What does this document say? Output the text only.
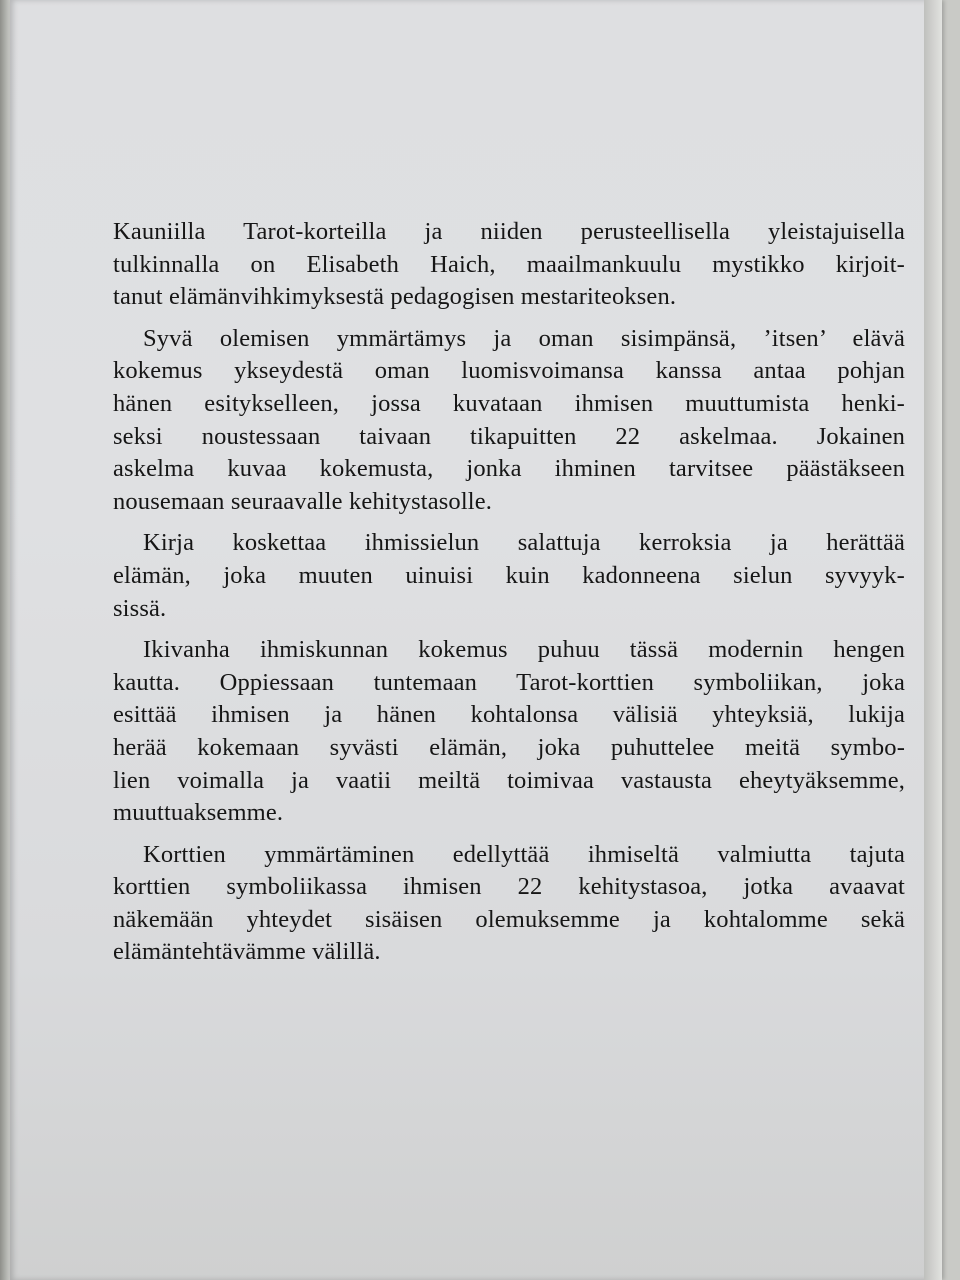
Kauniilla Tarot-korteilla ja niiden perusteellisella yleistajuisella
tulkinnalla on Elisabeth Haich, maailmankuulu mystikko kirjoit-
tanut elämänvihkimyksestä pedagogisen mestariteoksen.
Syvä olemisen ymmärtämys ja oman sisimpänsä, ’itsen’ elävä
kokemus ykseydestä oman luomisvoimansa kanssa antaa pohjan
hänen esitykselleen, jossa kuvataan ihmisen muuttumista henki-
seksi noustessaan taivaan tikapuitten 22 askelmaa. Jokainen
askelma kuvaa kokemusta, jonka ihminen tarvitsee päästäkseen
nousemaan seuraavalle kehitystasolle.
Kirja koskettaa ihmissielun salattuja kerroksia ja herättää
elämän, joka muuten uinuisi kuin kadonneena sielun syvyyk-
sissä.
Ikivanha ihmiskunnan kokemus puhuu tässä modernin hengen
kautta. Oppiessaan tuntemaan Tarot-korttien symboliikan, joka
esittää ihmisen ja hänen kohtalonsa välisiä yhteyksiä, lukija
herää kokemaan syvästi elämän, joka puhuttelee meitä symbo-
lien voimalla ja vaatii meiltä toimivaa vastausta eheytyäksemme,
muuttuaksemme.
Korttien ymmärtäminen edellyttää ihmiseltä valmiutta tajuta
korttien symboliikassa ihmisen 22 kehitystasoa, jotka avaavat
näkemään yhteydet sisäisen olemuksemme ja kohtalomme sekä
elämäntehtävämme välillä.
